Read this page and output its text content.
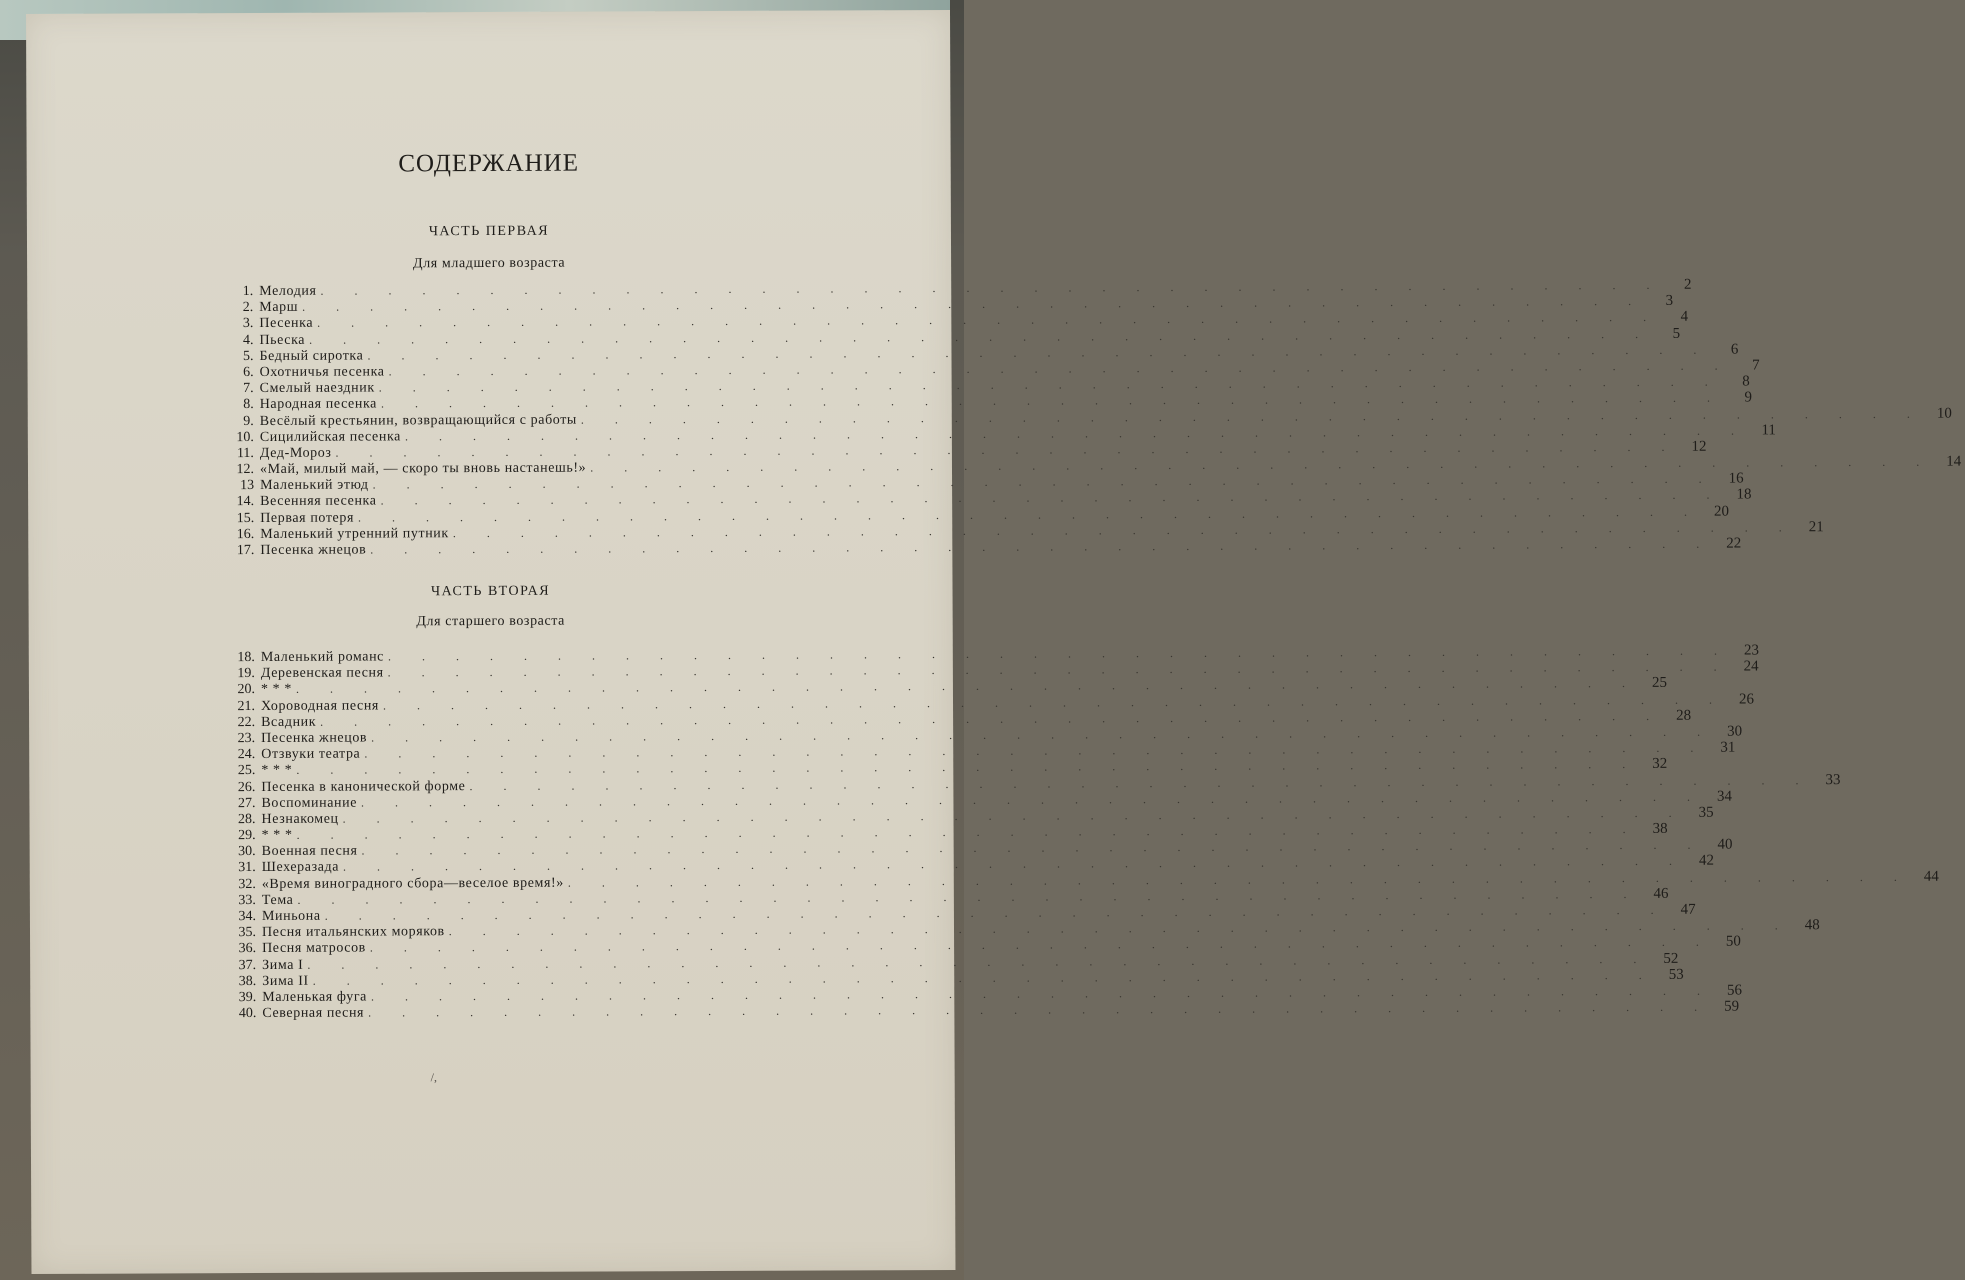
СОДЕРЖАНИЕ
ЧАСТЬ ПЕРВАЯ
Для младшего возраста
1. Мелодия . . . . . . . . . . . . . . . . . . . . . . . . . . . . . . . . . . . . . . . .	2
2. Марш . . . . . . . . . . . . . . . . . . . . . . . . . . . . . . . . . . . . . . . .	3
3. Песенка . . . . . . . . . . . . . . . . . . . . . . . . . . . . . . . . . . . . . . . .	4
4. Пьеска . . . . . . . . . . . . . . . . . . . . . . . . . . . . . . . . . . . . . . . .	5
5. Бедный сиротка . . . . . . . . . . . . . . . . . . . . . . . . . . . . . . . . . . . . . . . .	6
6. Охотничья песенка . . . . . . . . . . . . . . . . . . . . . . . . . . . . . . . . . . . . . . . .	7
7. Смелый наездник . . . . . . . . . . . . . . . . . . . . . . . . . . . . . . . . . . . . . . . .	8
8. Народная песенка . . . . . . . . . . . . . . . . . . . . . . . . . . . . . . . . . . . . . . . .	9
9. Весёлый крестьянин, возвращающийся с работы . . . . . . . . . . . . . . . . . . . . . . . . . . . . . . . . . . . . . . . . 10
10. Сицилийская песенка . . . . . . . . . . . . . . . . . . . . . . . . . . . . . . . . . . . . . . . . 11
11. Дед-Мороз . . . . . . . . . . . . . . . . . . . . . . . . . . . . . . . . . . . . . . . . 12
12. «Май, милый май, — скоро ты вновь настанешь!» . . . . . . . . . . . . . . . . . . . . . . . . . . . . . . . . . . . . . . . . 14
13 Маленький этюд . . . . . . . . . . . . . . . . . . . . . . . . . . . . . . . . . . . . . . . . 16
14. Весенняя песенка . . . . . . . . . . . . . . . . . . . . . . . . . . . . . . . . . . . . . . . . 18
15. Первая потеря . . . . . . . . . . . . . . . . . . . . . . . . . . . . . . . . . . . . . . . . 20
16. Маленький утренний путник . . . . . . . . . . . . . . . . . . . . . . . . . . . . . . . . . . . . . . . . 21
17. Песенка жнецов . . . . . . . . . . . . . . . . . . . . . . . . . . . . . . . . . . . . . . . . 22
ЧАСТЬ ВТОРАЯ
Для старшего возраста
18. Маленький романс . . . . . . . . . . . . . . . . . . . . . . . . . . . . . . . . . . . . . . . . 23
19. Деревенская песня . . . . . . . . . . . . . . . . . . . . . . . . . . . . . . . . . . . . . . . . 24
20. * * * . . . . . . . . . . . . . . . . . . . . . . . . . . . . . . . . . . . . . . . . 25
21. Хороводная песня . . . . . . . . . . . . . . . . . . . . . . . . . . . . . . . . . . . . . . . . 26
22. Всадник . . . . . . . . . . . . . . . . . . . . . . . . . . . . . . . . . . . . . . . . 28
23. Песенка жнецов . . . . . . . . . . . . . . . . . . . . . . . . . . . . . . . . . . . . . . . . 30
24. Отзвуки театра . . . . . . . . . . . . . . . . . . . . . . . . . . . . . . . . . . . . . . . . 31
25. * * * . . . . . . . . . . . . . . . . . . . . . . . . . . . . . . . . . . . . . . . . 32
26. Песенка в канонической форме . . . . . . . . . . . . . . . . . . . . . . . . . . . . . . . . . . . . . . . . 33
27. Воспоминание . . . . . . . . . . . . . . . . . . . . . . . . . . . . . . . . . . . . . . . . 34
28. Незнакомец . . . . . . . . . . . . . . . . . . . . . . . . . . . . . . . . . . . . . . . . 35
29. * * * . . . . . . . . . . . . . . . . . . . . . . . . . . . . . . . . . . . . . . . . 38
30. Военная песня . . . . . . . . . . . . . . . . . . . . . . . . . . . . . . . . . . . . . . . . 40
31. Шехеразада . . . . . . . . . . . . . . . . . . . . . . . . . . . . . . . . . . . . . . . . 42
32. «Время виноградного сбора—веселое время!» . . . . . . . . . . . . . . . . . . . . . . . . . . . . . . . . . . . . . . . . 44
33. Тема . . . . . . . . . . . . . . . . . . . . . . . . . . . . . . . . . . . . . . . . 46
34. Миньона . . . . . . . . . . . . . . . . . . . . . . . . . . . . . . . . . . . . . . . . 47
35. Песня итальянских моряков . . . . . . . . . . . . . . . . . . . . . . . . . . . . . . . . . . . . . . . . 48
36. Песня матросов . . . . . . . . . . . . . . . . . . . . . . . . . . . . . . . . . . . . . . . . 50
37. Зима I . . . . . . . . . . . . . . . . . . . . . . . . . . . . . . . . . . . . . . . . 52
38. Зима II . . . . . . . . . . . . . . . . . . . . . . . . . . . . . . . . . . . . . . . . 53
39. Маленькая фуга . . . . . . . . . . . . . . . . . . . . . . . . . . . . . . . . . . . . . . . . 56
40. Северная песня . . . . . . . . . . . . . . . . . . . . . . . . . . . . . . . . . . . . . . . . 59
/,
